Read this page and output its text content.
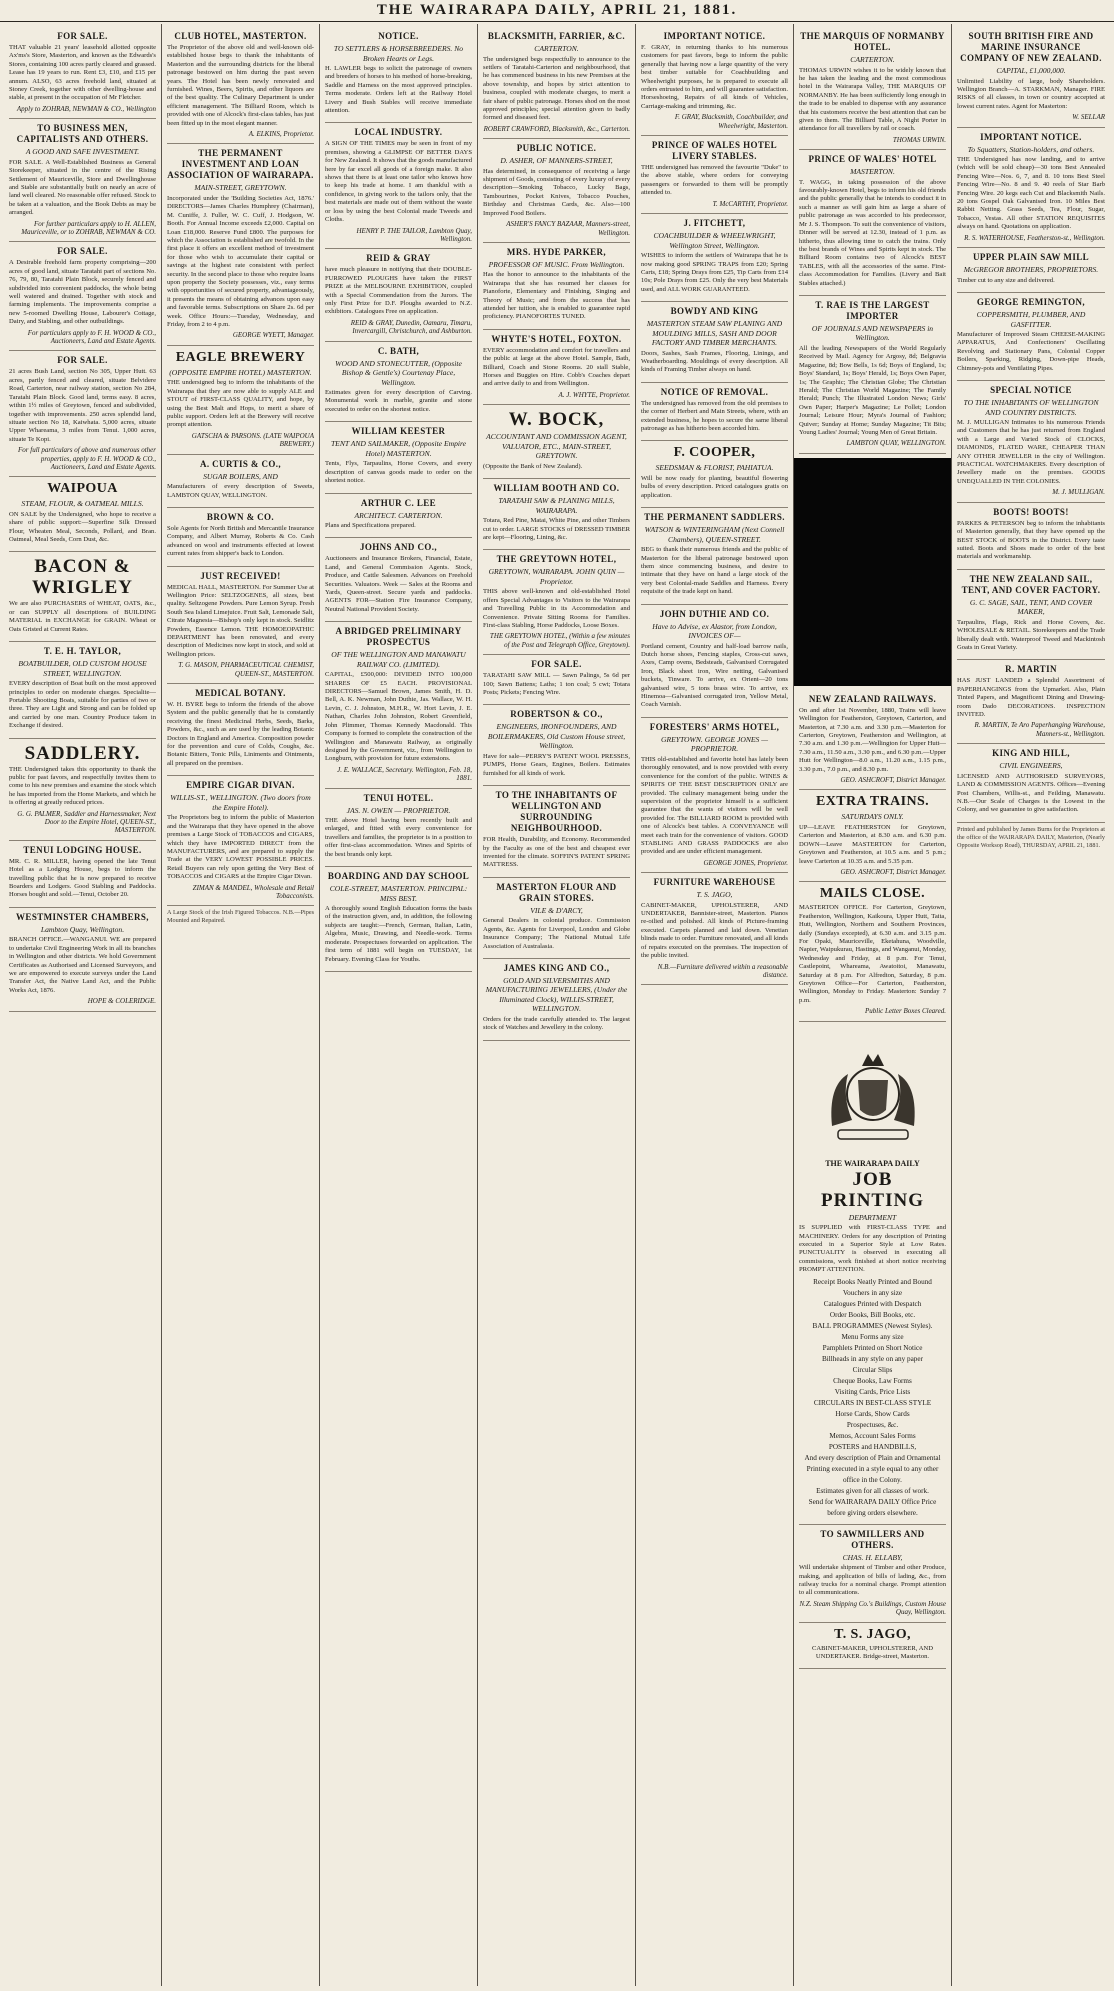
THE WAIRARAPA DAILY, APRIL 21, 1881.
FOR SALE.

THAT valuable 21 years' leasehold allotted opposite Ax'ms's Store, Masterton, and known as the Edwards's Stores, containing 100 acres partly cleared and grassed. Lease has 19 years to run. Rent £3, £10, and £15 per annum. ALSO, 63 acres freehold land, situated at Stoney Creek, together with other dwelling-house and stable, at present in the occupation of Mr Fletcher.

Apply to ZOHRAB, NEWMAN & CO., Wellington
TO BUSINESS MEN, CAPITALISTS AND OTHERS.
A GOOD AND SAFE INVESTMENT.

FOR SALE. A Well-Established Business as General Storekeeper, situated in the centre of the Rising Settlement of Mauriceville, Store and Dwellinghouse and Stable are substantially built on nearly an acre of land well cleared. No reasonable offer refused. Stock to be taken at a valuation, and the Book Debts as may be arranged.

For further particulars apply to H. ALLEN, Mauriceville, or to ZOHRAB, NEWMAN & CO.
FOR SALE.

A Desirable freehold farm property comprising—200 acres of good land, situate Taratahi part of sections No. 76, 79, 80, Taratahi Plain Block, securely fenced and subdivided into convenient paddocks, the whole being well watered and drained. Together with stock and farming implements. The improvements comprise a new 5-roomed Dwelling House, Labourer's Cottage, Dairy, and Stabling, and other outbuildings.

For particulars apply to F. H. WOOD & CO., Auctioneers, Land and Estate Agents.
FOR SALE.

21 acres Bush Land, section No 305, Upper Hutt. 63 acres, partly fenced and cleared, situate Belvidere Road, Carterton, near railway station, section No 284, Taratahi Plain Block. Good land, terms easy. 8 acres, within 1½ miles of Greytown, fenced and subdivided, together with improvements. 250 acres splendid land, situate section No 18, Kaiwhata. 5,000 acres, situate Upper Whareama, 3 miles from Tenui. 1,000 acres, situate Te Kopi.

For full particulars of above and numerous other properties, apply to F. H. WOOD & CO., Auctioneers, Land and Estate Agents.
WAIPOUA
STEAM, FLOUR, & OATMEAL MILLS.

ON SALE by the Undersigned, who hope to receive a share of public support:—Superfine Silk Dressed Flour, Wheaten Meal, Seconds, Pollard, and Bran. Oatmeal, Meal Seeds, Corn Dust, &c.

BACON & WRIGLEY

We are also PURCHASERS of WHEAT, OATS, &c., or can SUPPLY all descriptions of BUILDING MATERIAL in EXCHANGE for GRAIN. Wheat or Oats Gristed at Current Rates.

T. E. H. TAYLOR,
BOATBUILDER, OLD CUSTOM HOUSE STREET, WELLINGTON.

EVERY description of Boat built on the most approved principles to order on moderate charges. Specialite—Portable Shooting Boats, suitable for parties of two or three. They are Light and Strong and can be folded up and carried by one man. Country Produce taken in Exchange if desired.

SADDLERY.

THE Undersigned takes this opportunity to thank the public for past favors, and respectfully invites them to come to his new premises and examine the stock which he has imported from the Home Markets, and which he is offering at greatly reduced prices.

G. G. PALMER, Saddler and Harnessmaker, Next Door to the Empire Hotel, QUEEN-ST., MASTERTON.
TENUI LODGING HOUSE.

MR. C. R. MILLER, having opened the late Tenui Hotel as a Lodging House, begs to inform the travelling public that he is now prepared to receive Boarders and Lodgers. Good Stabling and Paddocks. Horses bought and sold.—Tenui, October 20.

WESTMINSTER CHAMBERS,
Lambton Quay, Wellington.

BRANCH OFFICE.—WANGANUI. WE are prepared to undertake Civil Engineering Work in all its branches in Wellington and other districts. We hold Government Certificates as Authorised and Licensed Surveyors, and we are empowered to execute surveys under the Land Transfer Act, the Native Land Act, and the Public Works Act, 1876.

HOPE & COLERIDGE.
CLUB HOTEL, MASTERTON.

The Proprietor of the above old and well-known old-established house begs to thank the inhabitants of Masterton and the surrounding districts for the liberal patronage bestowed on him during the past seven years. The Hotel has been newly renovated and furnished. Wines, Beers, Spirits, and other liquors are of the best quality. The Culinary Department is under efficient management. The Billiard Room, which is provided with one of Alcock's first-class tables, has just been fitted up in the most elegant manner.

A. ELKINS, Proprietor.
THE PERMANENT INVESTMENT AND LOAN ASSOCIATION OF WAIRARAPA.
MAIN-STREET, GREYTOWN.

Incorporated under the 'Building Societies Act, 1876.' DIRECTORS—James Charles Humphrey (Chairman), M. Cuniffe, J. Fuller, W. C. Cuff, J. Hodgson, W. Booth. For Annual Income exceeds £2,000. Capital on Loan £18,000. Reserve Fund £800. The purposes for which the Association is established are twofold. In the first place it offers an excellent method of investment for those who wish to accumulate their capital or savings at the highest rate consistent with perfect security. In the second place to those who require loans upon property the Society possesses, viz., easy terms with opportunities of secured property, advantageously, it presents the means of obtaining advances upon easy and favorable terms. Subscriptions on Share 2s. 6d per week. Office Hours:—Tuesday, Wednesday, and Friday, from 2 to 4 p.m.

GEORGE WYETT, Manager.
EAGLE BREWERY
(OPPOSITE EMPIRE HOTEL) MASTERTON.

THE undersigned beg to inform the inhabitants of the Wairarapa that they are now able to supply ALE and STOUT of FIRST-CLASS QUALITY, and hope, by using the Best Malt and Hops, to merit a share of public support. Orders left at the Brewery will receive prompt attention.

GATSCHA & PARSONS. (LATE WAIPOUA BREWERY.)
A. CURTIS & CO.,
SUGAR BOILERS, AND

Manufacturers of every description of Sweets, LAMBTON QUAY, WELLINGTON.

BROWN & CO.

Sole Agents for North British and Mercantile Insurance Company, and Albert Murray, Roberts & Co. Cash advanced on wool and instruments effected at lowest current rates from shipper's back to London.

JUST RECEIVED!

MEDICAL HALL, MASTERTON. For Summer Use at Wellington Price: SELTZOGENES, all sizes, best quality. Seltzogene Powders. Pure Lemon Syrup. Fresh South Sea Island Limejuice. Fruit Salt, Lemonade Salt, Citrate Magnesia—Bishop's only kept in stock. Seidlitz Powders, Essence Lemon. THE HOMOEOPATHIC DEPARTMENT has been renovated, and every description of Medicines now kept in stock, and sold at Wellington prices.

T. G. MASON, PHARMACEUTICAL CHEMIST, QUEEN-ST., MASTERTON.
MEDICAL BOTANY.

W. H. BYRE begs to inform the friends of the above System and the public generally that he is constantly receiving the finest Medicinal Herbs, Seeds, Barks, Powders, &c., such as are used by the leading Botanic Doctors in England and America. Composition powder for the prevention and cure of Colds, Coughs, &c. Botanic Bitters, Tonic Pills, Liniments and Ointments, all prepared on the premises.

EMPIRE CIGAR DIVAN.
WILLIS-ST., WELLINGTON. (Two doors from the Empire Hotel).

The Proprietors beg to inform the public of Masterton and the Wairarapa that they have opened in the above premises a Large Stock of TOBACCOS and CIGARS, which they have IMPORTED DIRECT from the MANUFACTURERS, and are prepared to supply the Trade at the VERY LOWEST POSSIBLE PRICES. Retail Buyers can rely upon getting the Very Best of TOBACCOS and CIGARS at the Empire Cigar Divan.

ZIMAN & MANDEL, Wholesale and Retail Tobacconists.
A Large Stock of the Irish Figured Tobaccos. N.B.—Pipes Mounted and Repaired.
NOTICE.
TO SETTLERS & HORSEBREEDERS. No Broken Hearts or Legs.

H. LAWLER begs to solicit the patronage of owners and breeders of horses to his method of horse-breaking, Saddle and Harness on the most approved principles. Terms moderate. Orders left at the Railway Hotel Livery and Bush Stables will receive immediate attention.

LOCAL INDUSTRY.

A SIGN OF THE TIMES may be seen in front of my premises, showing a GLIMPSE OF BETTER DAYS for New Zealand. It shows that the goods manufactured here by far excel all goods of a foreign make. It also shows that there is at least one tailor who knows how to keep his trade at home. I am thankful with a confidence, in giving work to the tailors only, that the best materials are made out of them without the waste or loss by using the best Colonial made Tweeds and Cloths.

HENRY P. THE TAILOR, Lambton Quay, Wellington.
REID & GRAY

have much pleasure in notifying that their DOUBLE-FURROWED PLOUGHS have taken the FIRST PRIZE at the MELBOURNE EXHIBITION, coupled with a Special Commendation from the Jurors. The only First Prize for D.F. Ploughs awarded to N.Z. exhibitors. Catalogues Free on application.

REID & GRAY, Dunedin, Oamaru, Timaru, Invercargill, Christchurch, and Ashburton.
C. BATH,
WOOD AND STONECUTTER, (Opposite Bishop & Gentle's) Courtenay Place, Wellington.

Estimates given for every description of Carving. Monumental work in marble, granite and stone executed to order on the shortest notice.

WILLIAM KEESTER
TENT AND SAILMAKER, (Opposite Empire Hotel) MASTERTON.

Tents, Flys, Tarpaulins, Horse Covers, and every description of canvas goods made to order on the shortest notice.

ARTHUR C. LEE
ARCHITECT. CARTERTON.

Plans and Specifications prepared.

JOHNS AND CO.,

Auctioneers and Insurance Brokers, Financial, Estate, Land, and General Commission Agents. Stock, Produce, and Cattle Salesmen. Advances on Freehold Securities. Valuators. Week — Sales at the Rooms and Yards, Queen-street. Secure yards and paddocks. AGENTS FOR—Station Fire Insurance Company, Neutral National Provident Society.

A BRIDGED PRELIMINARY PROSPECTUS
OF THE WELLINGTON AND MANAWATU RAILWAY CO. (LIMITED).

CAPITAL, £500,000: DIVIDED INTO 100,000 SHARES OF £5 EACH. PROVISIONAL DIRECTORS—Samuel Brown, James Smith, H. D. Bell, A. K. Newman, John Duthie, Jas. Wallace, W. H. Levin, C. J. Johnston, M.H.R., W. Hort Levin, J. E. Nathan, Charles John Johnston, Robert Greenfield, John Plimmer, Thomas Kennedy Macdonald. This Company is formed to complete the construction of the Wellington and Manawatu Railway, as originally designed by the Government, viz., from Wellington to Longburn, with provision for future extensions.

J. E. WALLACE, Secretary. Wellington, Feb. 18, 1881.
TENUI HOTEL.
JAS. N. OWEN — PROPRIETOR.

THE above Hotel having been recently built and enlarged, and fitted with every convenience for travellers and families, the proprietor is in a position to offer first-class accommodation. Wines and Spirits of the best brands only kept.

BOARDING AND DAY SCHOOL
COLE-STREET, MASTERTON. PRINCIPAL: MISS BEST.

A thoroughly sound English Education forms the basis of the instruction given, and, in addition, the following subjects are taught:—French, German, Italian, Latin, Algebra, Music, Drawing, and Needle-work. Terms moderate. Prospectuses forwarded on application. The first term of 1881 will begin on TUESDAY, 1st February. Evening Class for Youths.

BLACKSMITH, FARRIER, &C.
CARTERTON.

The undersigned begs respectfully to announce to the settlers of Taratahi-Carterton and neighbourhood, that he has commenced business in his new Premises at the above township, and hopes by strict attention to business, coupled with moderate charges, to merit a fair share of public patronage. Horses shod on the most approved principles; special attention given to badly formed and diseased feet.

ROBERT CRAWFORD, Blacksmith, &c., Carterton.
PUBLIC NOTICE.
D. ASHER, OF MANNERS-STREET,

Has determined, in consequence of receiving a large shipment of Goods, consisting of every luxury of every description—Smoking Tobacco, Lucky Bags, Tambourines, Pocket Knives, Tobacco Pouches, Birthday and Christmas Cards, &c. Also—100 Improved Food Boilers.

ASHER'S FANCY BAZAAR, Manners-street, Wellington.
MRS. HYDE PARKER,
PROFESSOR OF MUSIC. From Wellington.

Has the honor to announce to the inhabitants of the Wairarapa that she has resumed her classes for Pianoforte, Elementary and Finishing, Singing and Theory of Music; and from the success that has attended her tuition, she is enabled to guarantee rapid proficiency. PIANOFORTES TUNED.

WHYTE'S HOTEL, FOXTON.

EVERY accommodation and comfort for travellers and the public at large at the above Hotel. Sample, Bath, Billiard, Coach and Stone Rooms. 20 stall Stable, Horses and Buggies on Hire. Cobb's Coaches depart and arrive daily to and from Wellington.

A. J. WHYTE, Proprietor.
W. BOCK,
ACCOUNTANT AND COMMISSION AGENT, VALUATOR, ETC., MAIN-STREET, GREYTOWN.

(Opposite the Bank of New Zealand).

WILLIAM BOOTH AND CO.
TARATAHI SAW & PLANING MILLS, WAIRARAPA.

Totara, Red Pine, Matai, White Pine, and other Timbers cut to order. LARGE STOCKS of DRESSED TIMBER are kept—Flooring, Lining, &c.

THE GREYTOWN HOTEL,
GREYTOWN, WAIRARAPA. JOHN QUIN — Proprietor.

THIS above well-known and old-established Hotel offers Special Advantages to Visitors to the Wairarapa and Travelling Public in its Accommodation and Convenience. Private Sitting Rooms for Families. First-class Stabling, Horse Paddocks, Loose Boxes.

THE GREYTOWN HOTEL, (Within a few minutes of the Post and Telegraph Office, Greytown).
FOR SALE.

TARATAHI SAW MILL — Sawn Palings, 5s 6d per 100; Sawn Battens; Laths; 1 ton coal; 5 cwt; Totara Posts; Pickets; Fencing Wire.

ROBERTSON & CO.,
ENGINEERS, IRONFOUNDERS, AND BOILERMAKERS, Old Custom House street, Wellington.

Have for sale—PERRY'S PATENT WOOL PRESSES, PUMPS, Horse Gears, Engines, Boilers. Estimates furnished for all kinds of work.

TO THE INHABITANTS OF WELLINGTON AND SURROUNDING NEIGHBOURHOOD.

FOR Health, Durability, and Economy. Recommended by the Faculty as one of the best and cheapest ever invented for the climate. SOFFIN'S PATENT SPRING MATTRESS.

MASTERTON FLOUR AND GRAIN STORES.
VILE & D'ARCY,

General Dealers in colonial produce. Commission Agents, &c. Agents for Liverpool, London and Globe Insurance Company; The National Mutual Life Association of Australasia.

JAMES KING AND CO.,
GOLD AND SILVERSMITHS AND MANUFACTURING JEWELLERS, (Under the Illuminated Clock), WILLIS-STREET, WELLINGTON.

Orders for the trade carefully attended to. The largest stock of Watches and Jewellery in the colony.

IMPORTANT NOTICE.

F. GRAY, in returning thanks to his numerous customers for past favors, begs to inform the public generally that having now a large quantity of the very best timber suitable for Coachbuilding and Wheelwright purposes, he is prepared to execute all orders entrusted to him, and will guarantee satisfaction. Horseshoeing, Repairs of all kinds of Vehicles, Carriage-making and trimming, &c.

F. GRAY, Blacksmith, Coachbuilder, and Wheelwright, Masterton.
PRINCE OF WALES HOTEL LIVERY STABLES.

THE undersigned has removed the favourite "Duke" to the above stable, where orders for conveying passengers or forwarded to them will be promptly attended to.

T. McCARTHY, Proprietor.
J. FITCHETT,
COACHBUILDER & WHEELWRIGHT, Wellington Street, Wellington.

WISHES to inform the settlers of Wairarapa that he is now making good SPRING TRAPS from £20; Spring Carts, £18; Spring Drays from £25, Tip Carts from £14 10s; Pole Drays from £25. Only the very best Materials used, and ALL WORK GUARANTEED.

BOWDY AND KING
MASTERTON STEAM SAW PLANING AND MOULDING MILLS, SASH AND DOOR FACTORY AND TIMBER MERCHANTS.

Doors, Sashes, Sash Frames, Flooring, Linings, and Weatherboarding. Mouldings of every description. All kinds of Framing Timber always on hand.

NOTICE OF REMOVAL.

The undersigned has removed from the old premises to the corner of Herbert and Main Streets, where, with an extended business, he hopes to secure the same liberal patronage as has hitherto been accorded him.

F. COOPER,
SEEDSMAN & FLORIST, PAHIATUA.

Will be now ready for planting, beautiful flowering bulbs of every description. Priced catalogues gratis on application.

THE PERMANENT SADDLERS.
WATSON & WINTERINGHAM (Next Connell Chambers), QUEEN-STREET.

BEG to thank their numerous friends and the public of Masterton for the liberal patronage bestowed upon them since commencing business, and desire to intimate that they have on hand a large stock of the very best Colonial-made Saddles and Harness. Every requisite of the trade kept on hand.

JOHN DUTHIE AND CO.
Have to Advise, ex Alastor, from London, INVOICES OF—

Portland cement, Country and half-load barrow nails, Dutch horse shoes, Fencing staples, Cross-cut saws, Axes, Camp ovens, Bedsteads, Galvanised Corrugated Iron, Black sheet iron, Wire netting, Galvanised buckets, Tinware. To arrive, ex Orient—20 tons galvanised wire, 5 tons brass wire. To arrive, ex Hinemoa—Galvanised corrugated iron, Yellow Metal, Coach Varnish.

FORESTERS' ARMS HOTEL,
GREYTOWN. GEORGE JONES — PROPRIETOR.

THIS old-established and favorite hotel has lately been thoroughly renovated, and is now provided with every convenience for the comfort of the public. WINES & SPIRITS OF THE BEST DESCRIPTION ONLY are provided. The culinary management being under the supervision of the proprietor himself is a sufficient guarantee that the wants of visitors will be well provided for. The BILLIARD ROOM is provided with one of Alcock's best tables. A CONVEYANCE will meet each train for the convenience of visitors. GOOD STABLING AND GRASS PADDOCKS are also provided and are under efficient management.

GEORGE JONES, Proprietor.
FURNITURE WAREHOUSE
T. S. JAGO,

CABINET-MAKER, UPHOLSTERER, AND UNDERTAKER, Bannister-street, Masterton. Pianos re-oilied and polished. All kinds of Picture-framing executed. Carpets planned and laid down. Venetian blinds made to order. Furniture renovated, and all kinds of repairs executed on the premises. The inspection of the public invited.

N.B.—Furniture delivered within a reasonable distance.
THE MARQUIS OF NORMANBY HOTEL.
CARTERTON.

THOMAS URWIN wishes it to be widely known that he has taken the leading and the most commodious hotel in the Wairarapa Valley, THE MARQUIS OF NORMANBY. He has been sufficiently long enough in the trade to be enabled to dispense with any assurance that his customers receive the best attention that can be given to them. The Billiard Table, A Night Porter in attendance for all travellers by rail or coach.

THOMAS URWIN.
PRINCE OF WALES' HOTEL
MASTERTON.

T. WAGG, in taking possession of the above favourably-known Hotel, begs to inform his old friends and the public generally that he intends to conduct it in such a manner as will gain him as large a share of public patronage as was accorded to his predecessor, Mr J. S. Thompson. To suit the convenience of visitors, Dinner will be served at 12.30, instead of 1 p.m. as hitherto, thus allowing time to catch the trains. Only the best brands of Wines and Spirits kept in stock. The Billiard Room contains two of Alcock's BEST TABLES, with all the accessories of the same. First-class Accommodation for Families. (Livery and Bait Stables attached.)

T. RAE IS THE LARGEST IMPORTER
OF JOURNALS AND NEWSPAPERS in Wellington.

All the leading Newspapers of the World Regularly Received by Mail. Agency for Argosy, 8d; Belgravia Magazine, 8d; Bow Bells, 1s 6d; Boys of England, 1s; Boys' Standard, 1s; Boys' Herald, 1s; Boys Own Paper, 1s; The Graphic; The Christian Globe; The Christian Herald; The Christian World Magazine; The Family Herald; Punch; The Illustrated London News; Girls' Own Paper; Harper's Magazine; Le Follet; London Journal; Leisure Hour; Myra's Journal of Fashion; Quiver; Sunday at Home; Sunday Magazine; Tit Bits; Young Ladies' Journal; Young Men of Great Britain.

LAMBTON QUAY, WELLINGTON.
NEW ZEALAND RAILWAYS.

On and after 1st November, 1880, Trains will leave Wellington for Featherston, Greytown, Carterton, and Masterton, at 7.30 a.m. and 3.30 p.m.—Masterton for Carterton, Greytown, Featherston and Wellington, at 7.30 a.m. and 1.30 p.m.—Wellington for Upper Hutt—7.30 a.m., 11.50 a.m., 3.30 p.m., and 6.30 p.m.—Upper Hutt for Wellington—8.0 a.m., 11.20 a.m., 1.15 p.m., 3.30 p.m., 7.0 p.m., and 8.30 p.m.

GEO. ASHCROFT, District Manager.
EXTRA TRAINS.
SATURDAYS ONLY.

UP—LEAVE FEATHERSTON for Greytown, Carterton and Masterton, at 8.30 a.m. and 6.30 p.m. DOWN—Leave MASTERTON for Carterton, Greytown and Featherston, at 10.5 a.m. and 5 p.m.; leave Carterton at 10.35 a.m. and 5.35 p.m.

GEO. ASHCROFT, District Manager.
MAILS CLOSE.

MASTERTON OFFICE. For Carterton, Greytown, Featherston, Wellington, Kaikoura, Upper Hutt, Taita, Hutt, Wellington, Northern and Southern Provinces, daily (Sundays excepted), at 6.30 a.m. and 3.15 p.m. For Opaki, Mauriceville, Eketahuna, Woodville, Napier, Waipukurau, Hastings, and Wanganui, Monday, Wednesday and Friday, at 8 p.m. For Tenui, Castlepoint, Whareama, Awatoitoi, Manawatu, Saturday at 8 p.m. For Alfredton, Saturday, 8 p.m. Greytown Office—For Carterton, Featherston, Wellington, Monday to Friday. Masterton: Sunday 7 p.m.

Public Letter Boxes Cleared.
THE WAIRARAPA DAILY
JOB PRINTING
DEPARTMENT

IS SUPPLIED with FIRST-CLASS TYPE and MACHINERY. Orders for any description of Printing executed in a Superior Style at Low Rates. PUNCTUALITY is observed in executing all commissions, work finished at short notice receiving PROMPT ATTENTION.

Receipt Books Neatly Printed and Bound
Vouchers in any size
Catalogues Printed with Despatch
Order Books, Bill Books, etc.
BALL PROGRAMMES (Newest Styles).
Menu Forms any size
Pamphlets Printed on Short Notice
Billheads in any style on any paper
Circular Slips
Cheque Books, Law Forms
Visiting Cards, Price Lists
CIRCULARS IN BEST-CLASS STYLE
Horse Cards, Show Cards
Prospectuses, &c.
Memos, Account Sales Forms
POSTERS and HANDBILLS,
And every description of Plain and Ornamental Printing executed in a style equal to any other office in the Colony.
Estimates given for all classes of work.
Send for WAIRARAPA DAILY Office Price before giving orders elsewhere.
TO SAWMILLERS AND OTHERS.
CHAS. H. ELLABY,

Will undertake shipment of Timber and other Produce, making, and application of bills of lading, &c., from railway trucks for a nominal charge. Prompt attention to all communications.

N.Z. Steam Shipping Co.'s Buildings, Custom House Quay, Wellington.
T. S. JAGO,

CABINET-MAKER, UPHOLSTERER, AND UNDERTAKER. Bridge-street, Masterton.

SOUTH BRITISH FIRE AND MARINE INSURANCE COMPANY OF NEW ZEALAND.
CAPITAL, £1,000,000.

Unlimited Liability of large, body Shareholders. Wellington Branch—A. STARKMAN, Manager. FIRE RISKS of all classes, in town or country accepted at lowest current rates. Agent for Masterton:

W. SELLAR
IMPORTANT NOTICE.
To Squatters, Station-holders, and others.

THE Undersigned has now landing, and to arrive (which will be sold cheap)—30 tons Best Annealed Fencing Wire—Nos. 6, 7, and 8. 10 tons Best Steel Fencing Wire—No. 8 and 9. 40 reels of Star Barb Fencing Wire. 20 kegs each Cut and Blacksmith Nails. 20 tons Gospel Oak Galvanised Iron. 10 Miles Best Rabbit Netting. Grass Seeds, Tea, Flour, Sugar, Tobacco, Vestas. All other STATION REQUISITES always on hand. Quotations on application.

R. S. WATERHOUSE, Featherston-st., Wellington.
UPPER PLAIN SAW MILL
McGREGOR BROTHERS, PROPRIETORS.

Timber cut to any size and delivered.

GEORGE REMINGTON,
COPPERSMITH, PLUMBER, AND GASFITTER.

Manufacturer of Improved Steam CHEESE-MAKING APPARATUS, And Confectioners' Oscillating Revolving and Stationary Pans, Colonial Copper Boilers, Sparking, Ridging, Down-pipe Heads, Chimney-pots and Ventilating Pipes.

SPECIAL NOTICE
TO THE INHABITANTS OF WELLINGTON AND COUNTRY DISTRICTS.

M. J. MULLIGAN Intimates to his numerous Friends and Customers that he has just returned from England with a Large and Varied Stock of CLOCKS, DIAMONDS, FLATED WARE, CHEAPER THAN ANY OTHER JEWELLER in the city of Wellington. PRACTICAL WATCHMAKERS. Every description of Jewellery made on the premises. GOODS UNEQUALLED IN THE COLONIES.

M. J. MULLIGAN.
BOOTS! BOOTS!

PARKES & PETERSON beg to inform the inhabitants of Masterton generally, that they have opened up the BEST STOCK of BOOTS in the District. Every taste suited. Boots and Shoes made to order of the best materials and workmanship.

THE NEW ZEALAND SAIL, TENT, AND COVER FACTORY.
G. C. SAGE, SAIL, TENT, AND COVER MAKER,

Tarpaulins, Flags, Rick and Horse Covers, &c. WHOLESALE & RETAIL. Storekeepers and the Trade liberally dealt with. Waterproof Tweed and Mackintosh Goats in Great Variety.

R. MARTIN

HAS JUST LANDED a Splendid Assortment of PAPERHANGINGS from the Upmarket. Also, Plain Tinted Papers, and Magnificent Dining and Drawing-room Dado DECORATIONS. INSPECTION INVITED.

R. MARTIN, Te Aro Paperhanging Warehouse, Manners-st., Wellington.
KING AND HILL,
CIVIL ENGINEERS,

LICENSED AND AUTHORISED SURVEYORS, LAND & COMMISSION AGENTS. Offices—Evening Post Chambers, Willis-st., and Feilding, Manawatu. N.B.—Our Scale of Charges is the Lowest in the Colony, and we guarantee to give satisfaction.

Printed and published by James Burns for the Proprietors at the office of the WAIRARAPA DAILY, Masterton, (Nearly Opposite Worksop Road), THURSDAY, APRIL 21, 1881.
